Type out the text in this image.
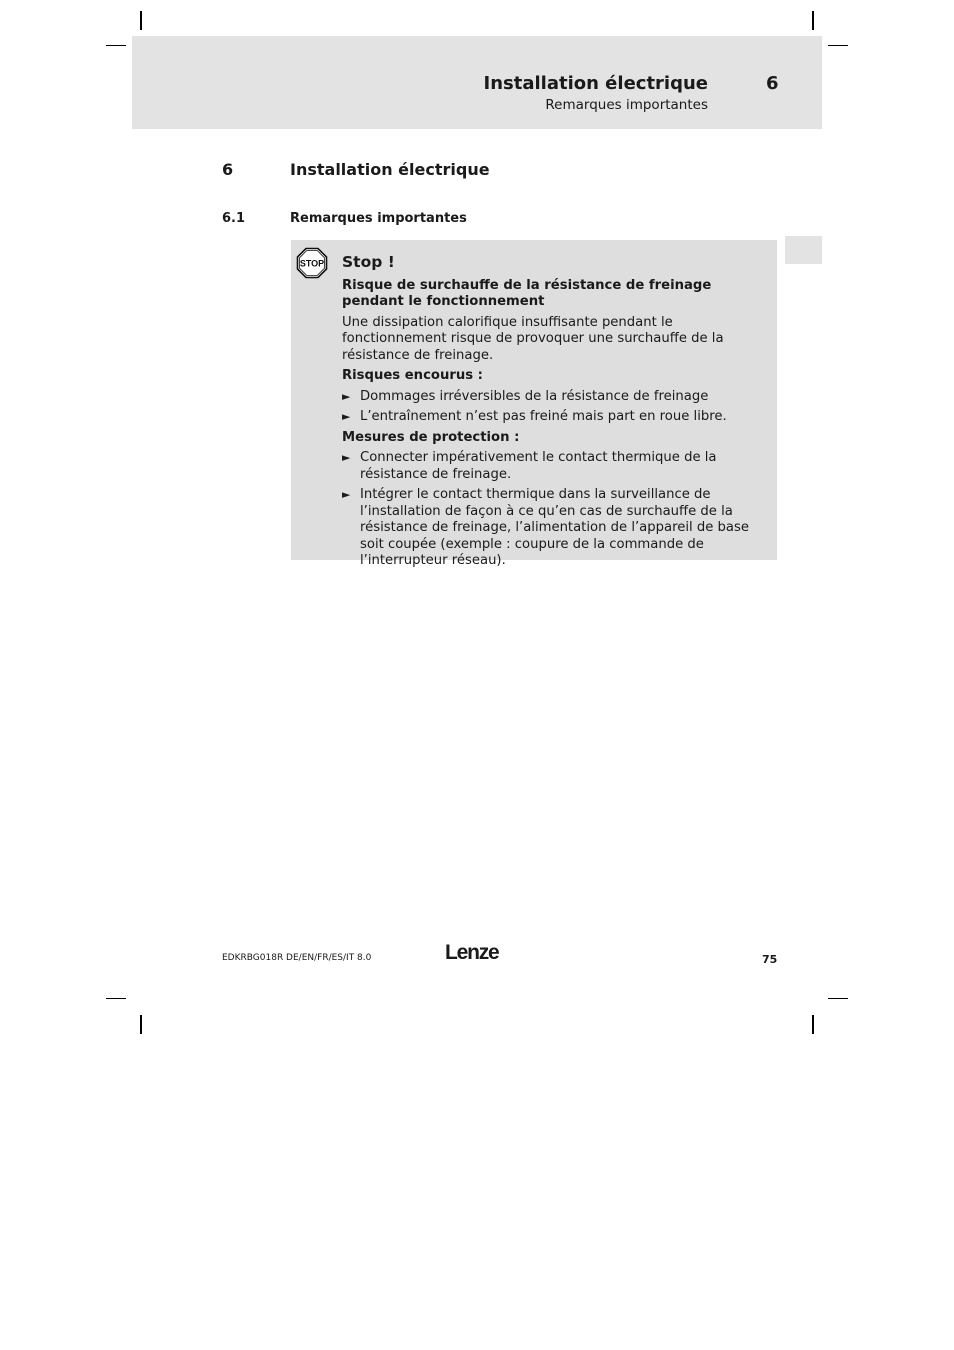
Installation électrique	6
Remarques importantes
6	Installation électrique
6.1	Remarques importantes
STOP Stop !
Risque de surchauffe de la résistance de freinage pendant le fonctionnement
Une dissipation calorifique insuffisante pendant le fonctionnement risque de provoquer une surchauffe de la résistance de freinage.
Risques encourus :
► Dommages irréversibles de la résistance de freinage
► L’entraînement n’est pas freiné mais part en roue libre.
Mesures de protection :
► Connecter impérativement le contact thermique de la résistance de freinage.
► Intégrer le contact thermique dans la surveillance de l’installation de façon à ce qu’en cas de surchauffe de la résistance de freinage, l’alimentation de l’appareil de base soit coupée (exemple : coupure de la commande de l’interrupteur réseau).
EDKRBG018R DE/EN/FR/ES/IT 8.0	Lenze	75
